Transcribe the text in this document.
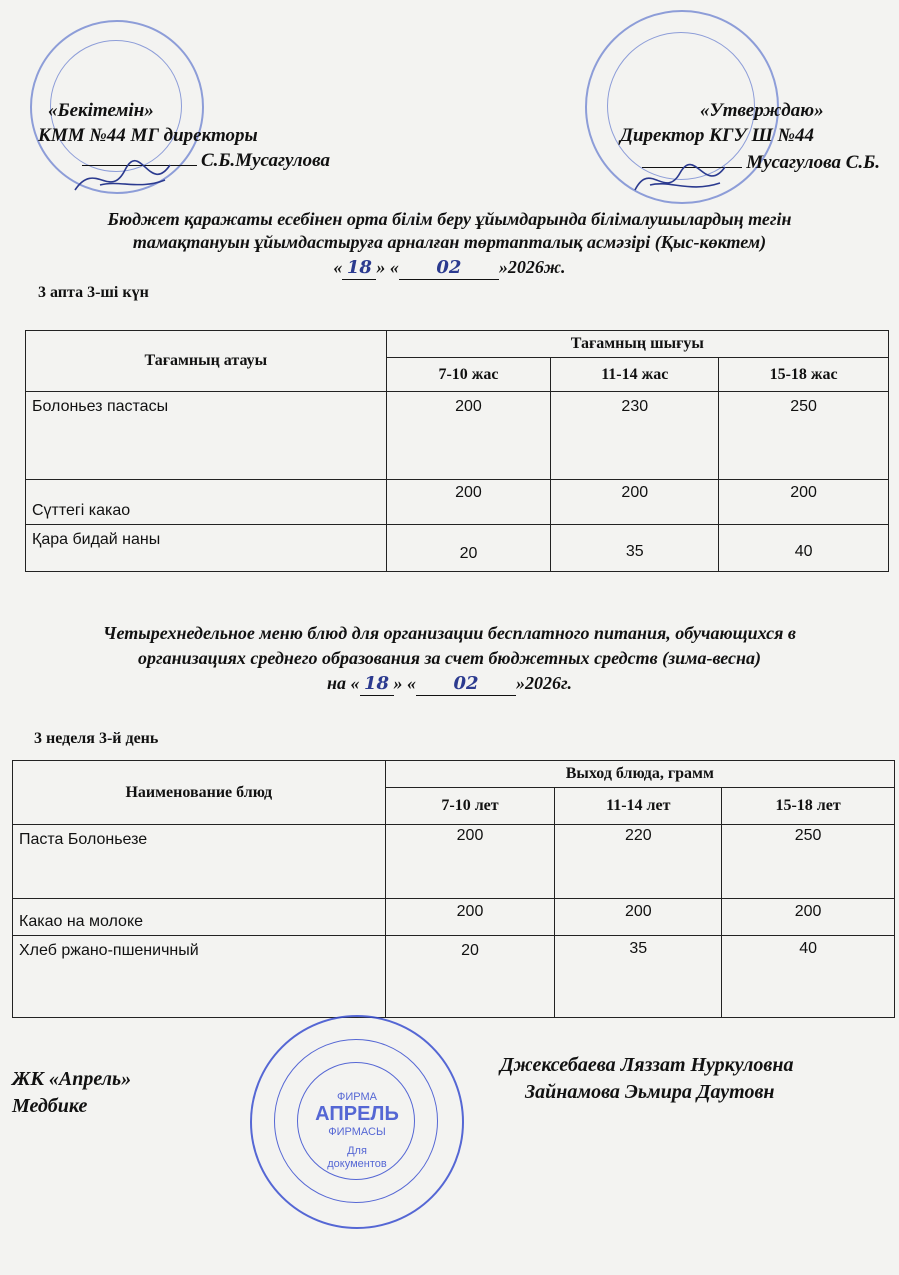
«Бекітемін»
КММ №44 МГ директоры
С.Б.Мусагулова
«Утверждаю»
Директор КГУ Ш №44
Мусагулова С.Б.
Бюджет қаражаты есебінен орта білім беру ұйымдарында білімалушылардың тегін
тамақтануын ұйымдастыруға арналған төртапталық асмәзірі (Қыс-көктем)
« 18 » « 02 »2026ж.
3 апта 3-ші күн
Тағамның атауы	Тағамның шығуы		
	7-10 жас	11-14 жас	15-18 жас
Болоньез пастасы	200	230	250
Сүттегі какао	200	200	200
Қара бидай наны	20	35	40
Четырехнедельное меню блюд для организации бесплатного питания, обучающихся в
организациях среднего образования за счет бюджетных средств (зима-весна)
на « 18 » « 02 »2026г.
3 неделя 3-й день
Наименование блюд	Выход блюда, грамм		
	7-10 лет	11-14 лет	15-18 лет
Паста Болоньезе	200	220	250
Какао на молоке	200	200	200
Хлеб ржано-пшеничный	20	35	40
ФИРМА
АПРЕЛЬ
ФИРМАСЫ
Для
документов
ЖК «Апрель»
Медбике
Джексебаева Ляззат Нуркуловна
Зайнамова Эьмира Даутовн
